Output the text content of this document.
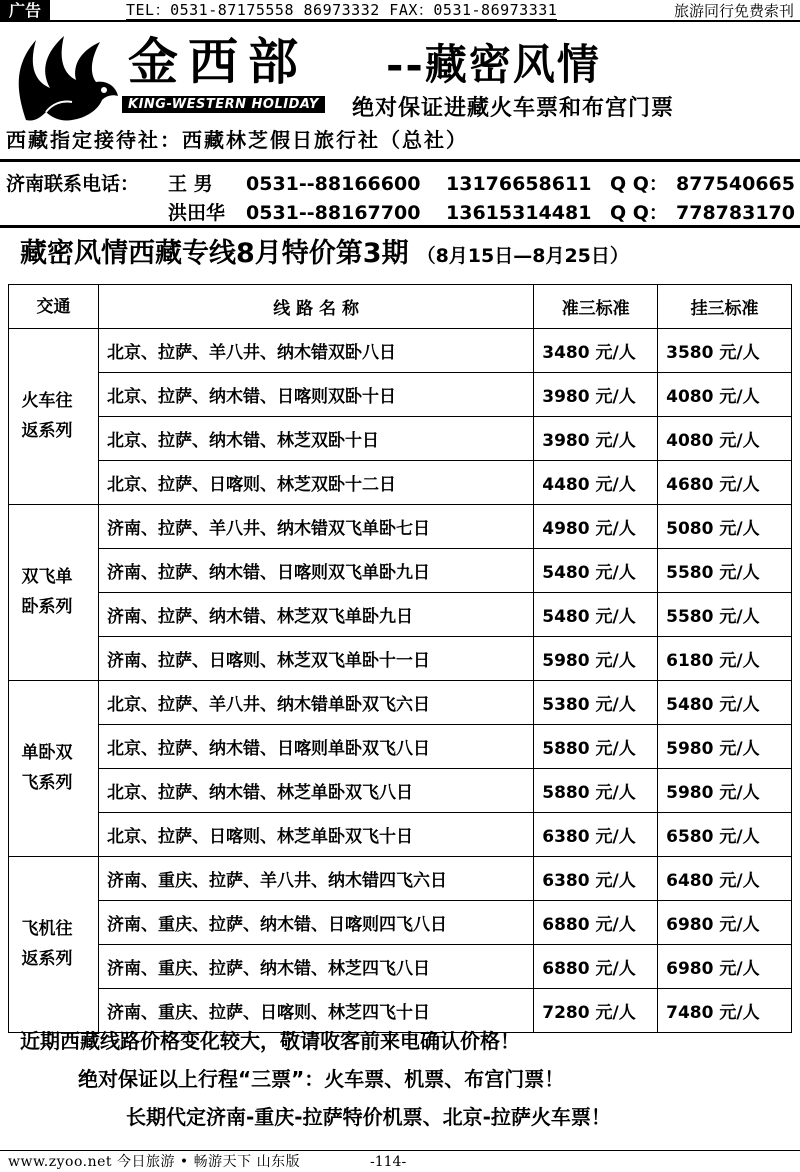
广告	TEL：0531-87175558 86973332 FAX：0531-86973331	旅游同行免费索刊
金西部
KING-WESTERN HOLIDAY
--藏密风情
绝对保证进藏火车票和布宫门票
西藏指定接待社：西藏林芝假日旅行社（总社）
济南联系电话： 王 男 0531--88166600 13176658611 Q Q： 877540665
洪田华 0531--88167700 13615314481 Q Q： 778783170
藏密风情西藏专线8月特价第3期 （8月15日—8月25日）
交通	线 路 名 称	准三标准	挂三标准
火车往返系列	北京、拉萨、羊八井、纳木错双卧八日	3480 元/人	3580 元/人
	北京、拉萨、纳木错、日喀则双卧十日	3980 元/人	4080 元/人
	北京、拉萨、纳木错、林芝双卧十日	3980 元/人	4080 元/人
	北京、拉萨、日喀则、林芝双卧十二日	4480 元/人	4680 元/人
双飞单卧系列	济南、拉萨、羊八井、纳木错双飞单卧七日	4980 元/人	5080 元/人
	济南、拉萨、纳木错、日喀则双飞单卧九日	5480 元/人	5580 元/人
	济南、拉萨、纳木错、林芝双飞单卧九日	5480 元/人	5580 元/人
	济南、拉萨、日喀则、林芝双飞单卧十一日	5980 元/人	6180 元/人
单卧双飞系列	北京、拉萨、羊八井、纳木错单卧双飞六日	5380 元/人	5480 元/人
	北京、拉萨、纳木错、日喀则单卧双飞八日	5880 元/人	5980 元/人
	北京、拉萨、纳木错、林芝单卧双飞八日	5880 元/人	5980 元/人
	北京、拉萨、日喀则、林芝单卧双飞十日	6380 元/人	6580 元/人
飞机往返系列	济南、重庆、拉萨、羊八井、纳木错四飞六日	6380 元/人	6480 元/人
	济南、重庆、拉萨、纳木错、日喀则四飞八日	6880 元/人	6980 元/人
	济南、重庆、拉萨、纳木错、林芝四飞八日	6880 元/人	6980 元/人
	济南、重庆、拉萨、日喀则、林芝四飞十日	7280 元/人	7480 元/人
近期西藏线路价格变化较大，敬请收客前来电确认价格！
绝对保证以上行程“三票”：火车票、机票、布宫门票！
长期代定济南-重庆-拉萨特价机票、北京-拉萨火车票！
www.zyoo.net 今日旅游 • 畅游天下 山东版	-114-
